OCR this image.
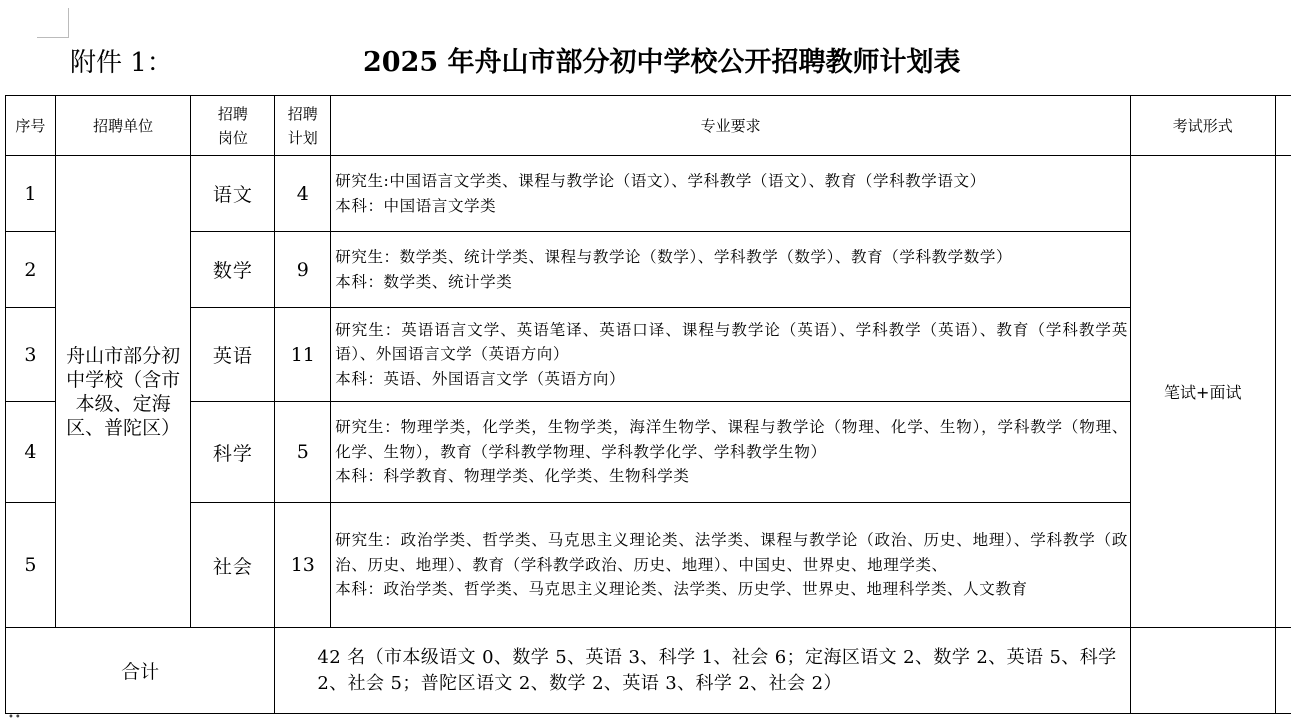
附件 1：	2025 年舟山市部分初中学校公开招聘教师计划表
序号	招聘单位	招聘岗位	招聘计划	专业要求	考试形式	
1	舟山市部分初中学校（含市本级、定海区、普陀区）	语文	4	研究生:中国语言文学类、课程与教学论（语文）、学科教学（语文）、教育（学科教学语文）
本科：中国语言文学类	笔试+面试	
2		数学	9	研究生：数学类、统计学类、课程与教学论（数学）、学科教学（数学）、教育（学科教学数学）
本科：数学类、统计学类		

3		英语	11	研究生：英语语言文学、英语笔译、英语口译、课程与教学论（英语）、学科教学（英语）、教育（学科教学英语）、外国语言文学（英语方向）
本科：英语、外国语言文学（英语方向）		

4		科学	5	研究生：物理学类，化学类，生物学类，海洋生物学、课程与教学论（物理、化学、生物），学科教学（物理、化学、生物），教育（学科教学物理、学科教学化学、学科教学生物）
本科：科学教育、物理学类、化学类、生物科学类		

5		社会	13	研究生：政治学类、哲学类、马克思主义理论类、法学类、课程与教学论（政治、历史、地理）、学科教学（政治、历史、地理）、教育（学科教学政治、历史、地理）、中国史、世界史、地理学类、
本科：政治学类、哲学类、马克思主义理论类、法学类、历史学、世界史、地理科学类、人文教育		

合计			42 名（市本级语文 0、数学 5、英语 3、科学 1、社会 6；定海区语文 2、数学 2、英语 5、科学 2、社会 5；普陀区语文 2、数学 2、英语 3、科学 2、社会 2）			

••
